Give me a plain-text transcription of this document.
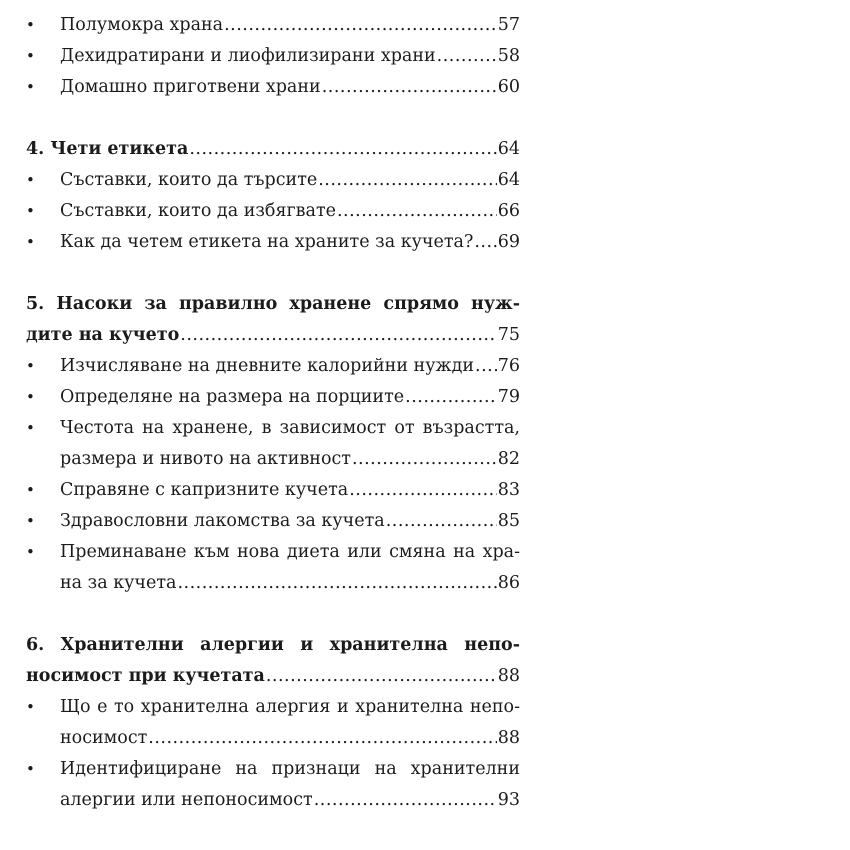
• Полумокра храна .....	57
• Дехидратирани и лиофилизирани храни .....	58
• Домашно приготвени храни .....	60
4. Чети етикета .....	64
• Съставки, които да търсите .....	64
• Съставки, които да избягвате .....	66
• Как да четем етикета на храните за кучета? ..... 69
5. Насоки за правилно хранене спрямо нуж-
дите на кучето .....	75
• Изчисляване на дневните калорийни нужди ..... 76
• Определяне на размера на порциите .....	79
• Честота на хранене, в зависимост от възрастта,
размера и нивото на активност .....	82
• Справяне с капризните кучета .....	83
• Здравословни лакомства за кучета .....	85
• Преминаване към нова диета или смяна на хра-
на за кучета .....	86
6. Хранителни алергии и хранителна непо-
носимост при кучетата .....	88
• Що е то хранителна алергия и хранителна непо-
носимост .....	88
• Идентифициране на признаци на хранителни
алергии или непоносимост .....	93
